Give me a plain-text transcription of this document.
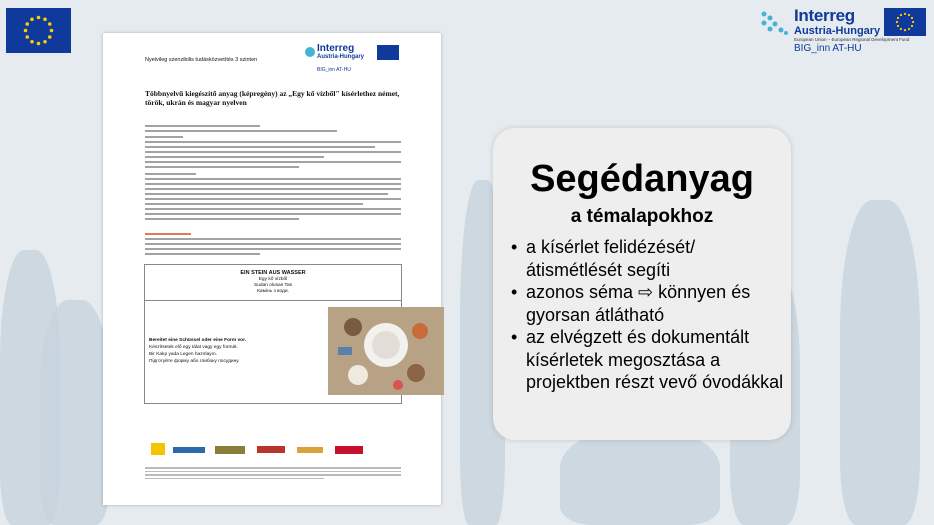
Interreg
Austria-Hungary
European Union – European Regional Development Fund
BIG_inn AT-HU
Nyelvileg szenzibilis tudásközvetítés 3 szinten
Interreg
Austria-Hungary
BIG_inn AT-HU
Többnyelvű kiegészítő anyag (képregény) az „Egy kő vízből" kísérlethez német, török, ukrán és magyar nyelven
EIN STEIN AUS WASSER
Egy kő vízből
Sudan olusan Tas
Камінь з води.
Bereitet eine Schüssel oder eine Form vor.
Készítsetek elő egy tálat vagy egy formát.
Bir Kalıp yada Legen hazırlayın.
Підготуйте форму або глибоку посудину.
Segédanyag
a témalapokhoz
• a kísérlet felidézését/ átismétlését segíti
• azonos séma ⇨ könnyen és gyorsan átlátható
• az elvégzett és dokumentált kísérletek megosztása a projektben részt vevő óvodákkal
